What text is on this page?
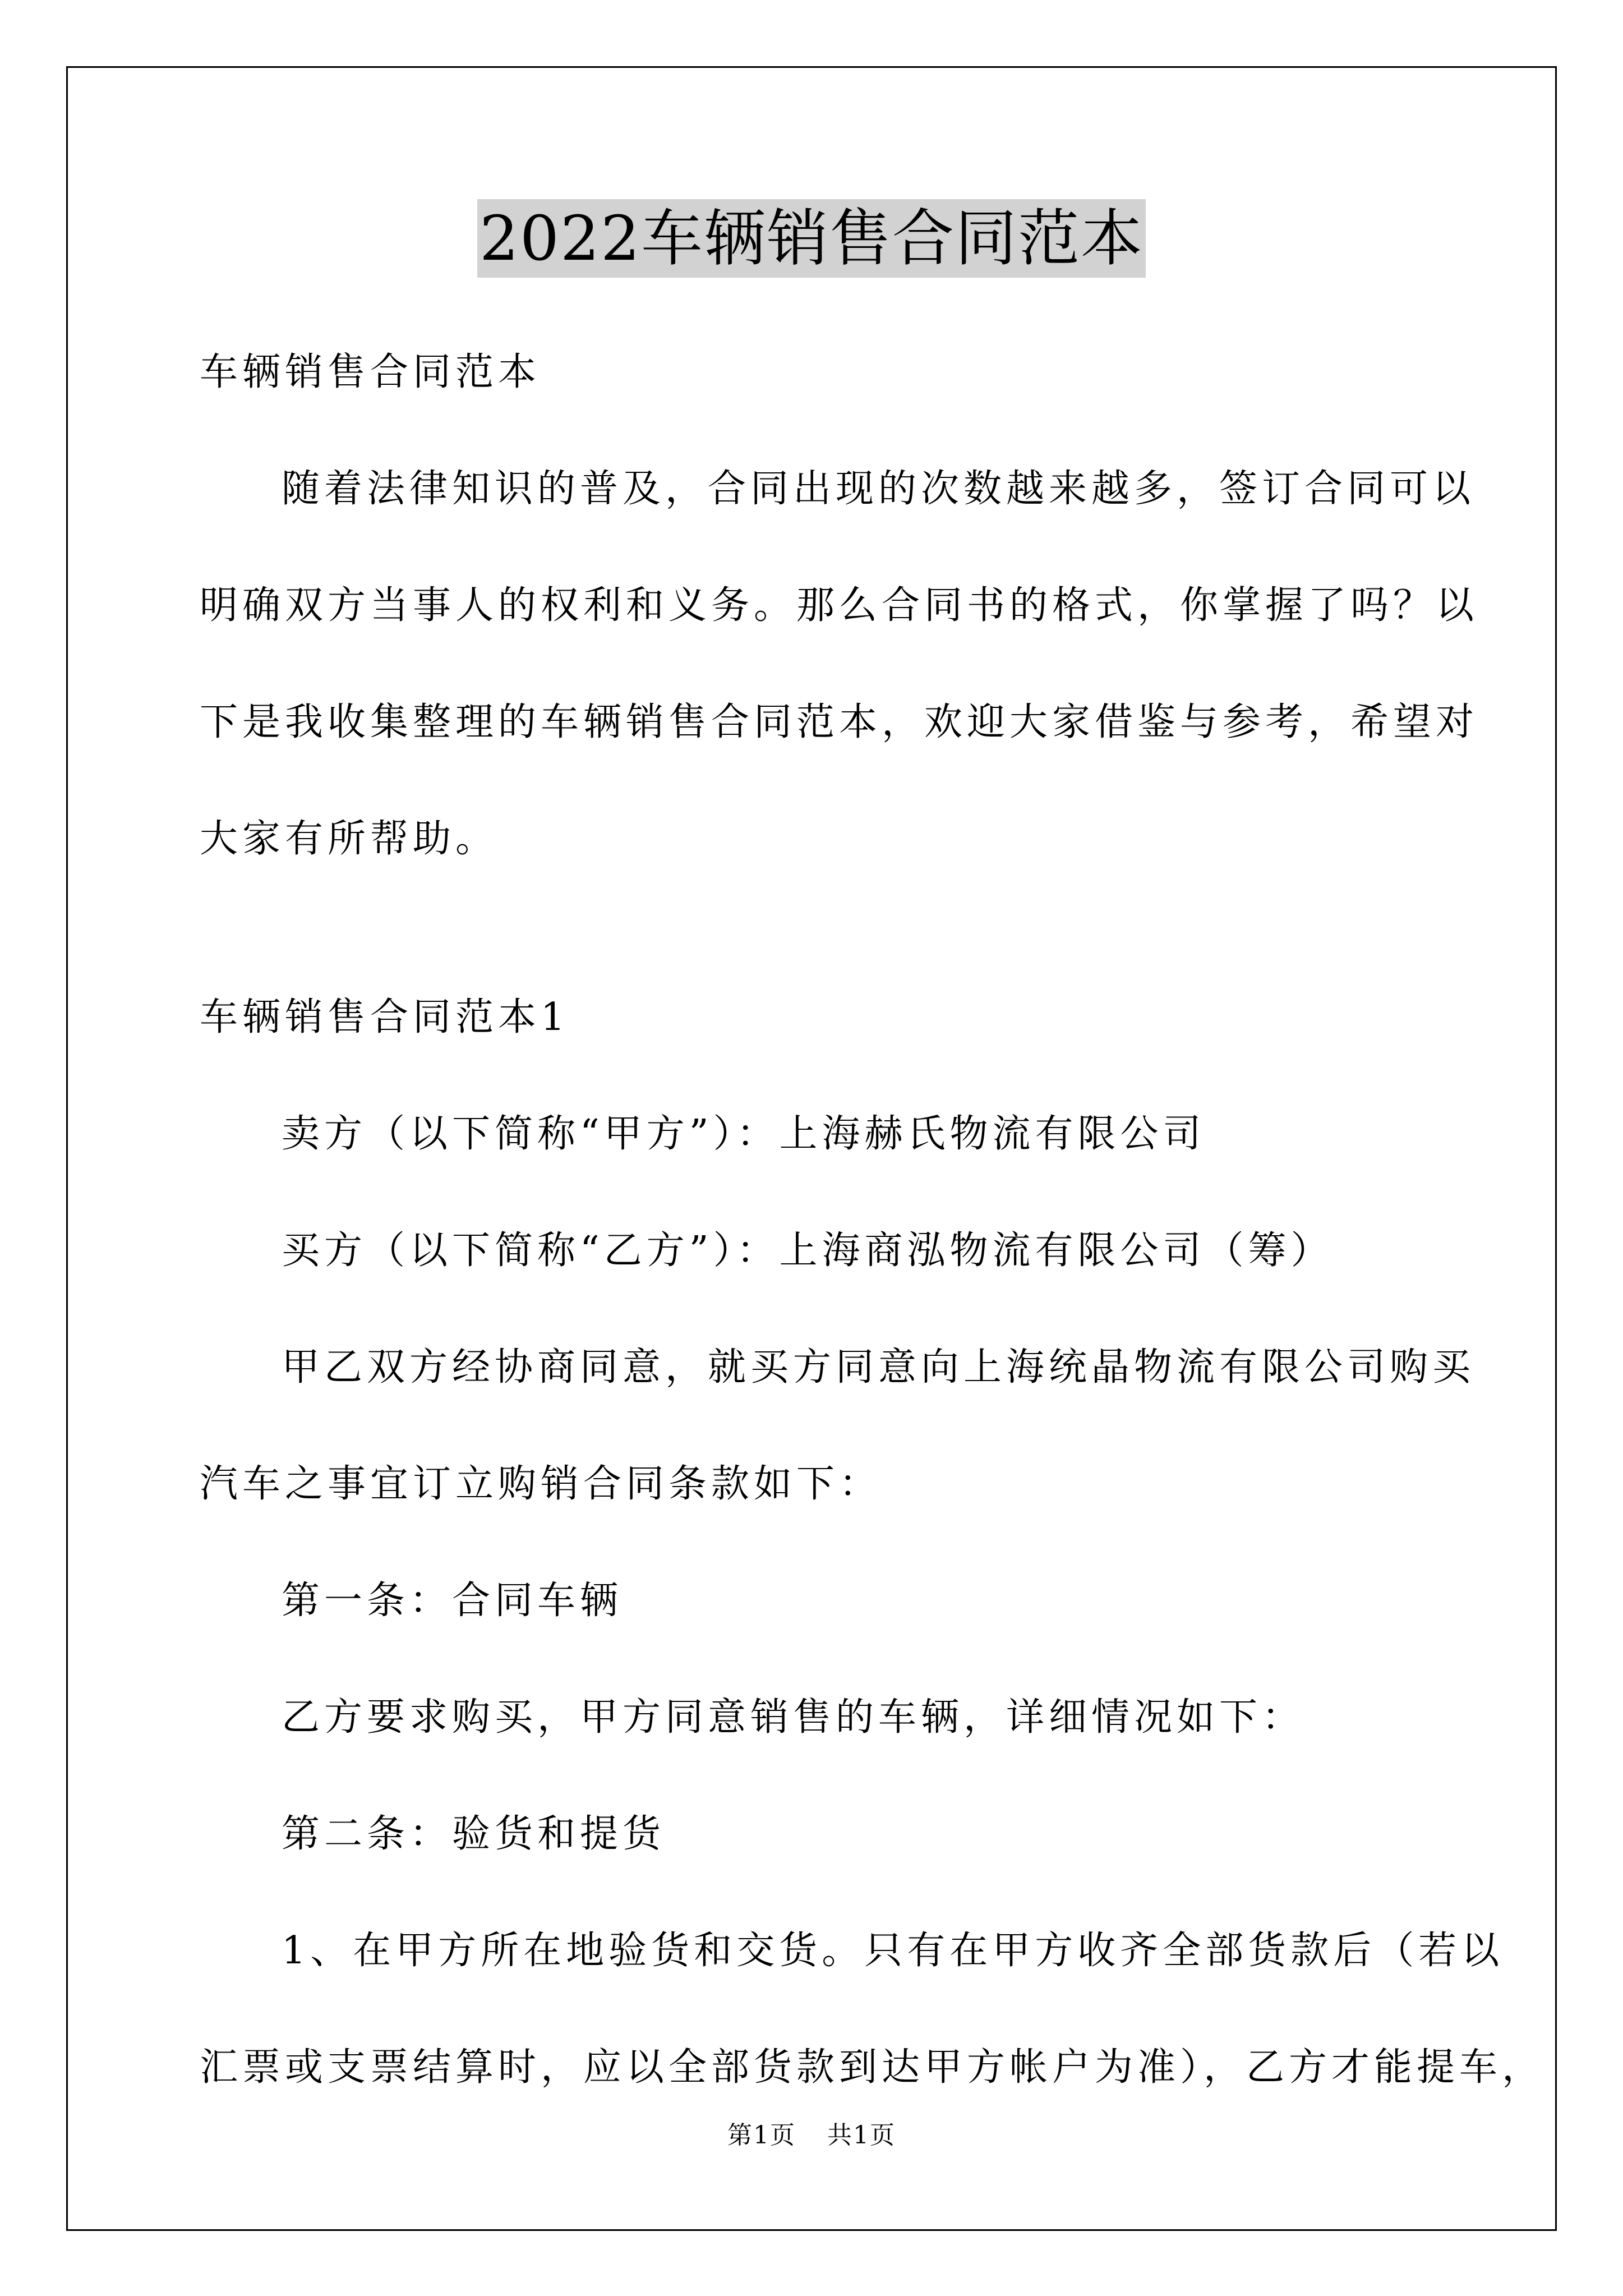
2022车辆销售合同范本
车辆销售合同范本
随着法律知识的普及，合同出现的次数越来越多，签订合同可以
明确双方当事人的权利和义务。那么合同书的格式，你掌握了吗？以
下是我收集整理的车辆销售合同范本，欢迎大家借鉴与参考，希望对
大家有所帮助。
车辆销售合同范本1
卖方（以下简称“甲方”）：上海赫氏物流有限公司
买方（以下简称“乙方”）：上海商泓物流有限公司（筹）
甲乙双方经协商同意，就买方同意向上海统晶物流有限公司购买
汽车之事宜订立购销合同条款如下：
第一条：合同车辆
乙方要求购买，甲方同意销售的车辆，详细情况如下：
第二条：验货和提货
1、在甲方所在地验货和交货。只有在甲方收齐全部货款后（若以
汇票或支票结算时，应以全部货款到达甲方帐户为准），乙方才能提车，
第1页 共1页
